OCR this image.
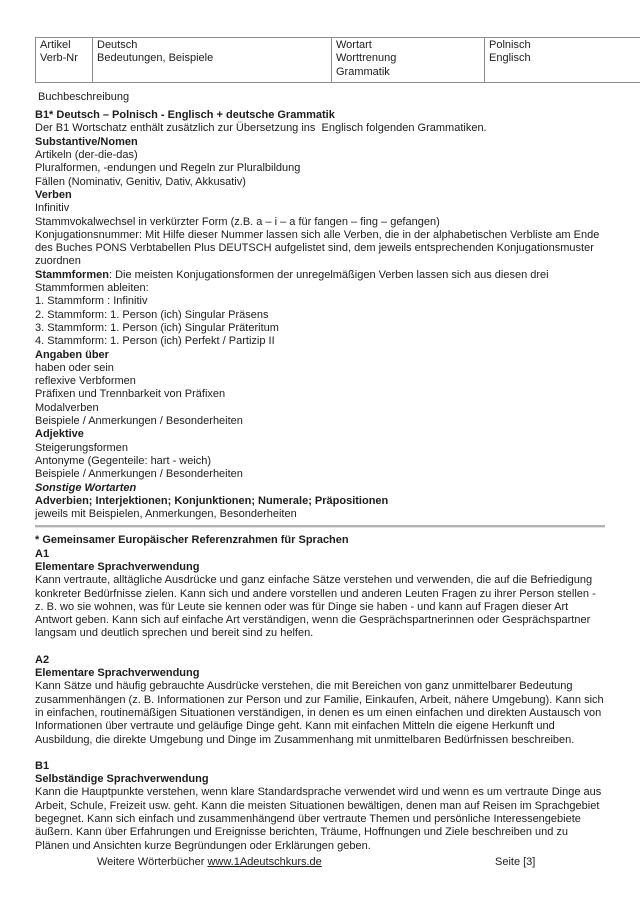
Artikel
Verb-Nr

Deutsch
Bedeutungen, Beispiele

Wortart
Worttrenung
Grammatik

Polnisch
Englisch
Buchbeschreibung
B1* Deutsch – Polnisch - Englisch + deutsche Grammatik
Der B1 Wortschatz enthält zusätzlich zur Übersetzung ins  Englisch folgenden Grammatiken.
Substantive/Nomen
Artikeln (der-die-das)
Pluralformen, -endungen und Regeln zur Pluralbildung
Fällen (Nominativ, Genitiv, Dativ, Akkusativ)
Verben
Infinitiv
Stammvokalwechsel in verkürzter Form (z.B. a – i – a für fangen – fing – gefangen)
Konjugationsnummer: Mit Hilfe dieser Nummer lassen sich alle Verben, die in der alphabetischen Verbliste am Ende des Buches PONS Verbtabellen Plus DEUTSCH aufgelistet sind, dem jeweils entsprechenden Konjugationsmuster zuordnen
Stammformen: Die meisten Konjugationsformen der unregelmäßigen Verben lassen sich aus diesen drei Stammformen ableiten:
1. Stammform : Infinitiv
2. Stammform: 1. Person (ich) Singular Präsens
3. Stammform: 1. Person (ich) Singular Präteritum
4. Stammform: 1. Person (ich) Perfekt / Partizip II
Angaben über
haben oder sein
reflexive Verbformen
Präfixen und Trennbarkeit von Präfixen
Modalverben
Beispiele / Anmerkungen / Besonderheiten
Adjektive
Steigerungsformen
Antonyme (Gegenteile: hart - weich)
Beispiele / Anmerkungen / Besonderheiten
Sonstige Wortarten
Adverbien; Interjektionen; Konjunktionen; Numerale; Präpositionen
jeweils mit Beispielen, Anmerkungen, Besonderheiten
* Gemeinsamer Europäischer Referenzrahmen für Sprachen
A1
Elementare Sprachverwendung
Kann vertraute, alltägliche Ausdrücke und ganz einfache Sätze verstehen und verwenden, die auf die Befriedigung konkreter Bedürfnisse zielen. Kann sich und andere vorstellen und anderen Leuten Fragen zu ihrer Person stellen - z. B. wo sie wohnen, was für Leute sie kennen oder was für Dinge sie haben - und kann auf Fragen dieser Art Antwort geben. Kann sich auf einfache Art verständigen, wenn die Gesprächspartnerinnen oder Gesprächspartner langsam und deutlich sprechen und bereit sind zu helfen.
A2
Elementare Sprachverwendung
Kann Sätze und häufig gebrauchte Ausdrücke verstehen, die mit Bereichen von ganz unmittelbarer Bedeutung zusammenhängen (z. B. Informationen zur Person und zur Familie, Einkaufen, Arbeit, nähere Umgebung). Kann sich in einfachen, routinemäßigen Situationen verständigen, in denen es um einen einfachen und direkten Austausch von Informationen über vertraute und geläufige Dinge geht. Kann mit einfachen Mitteln die eigene Herkunft und Ausbildung, die direkte Umgebung und Dinge im Zusammenhang mit unmittelbaren Bedürfnissen beschreiben.
B1
Selbständige Sprachverwendung
Kann die Hauptpunkte verstehen, wenn klare Standardsprache verwendet wird und wenn es um vertraute Dinge aus Arbeit, Schule, Freizeit usw. geht. Kann die meisten Situationen bewältigen, denen man auf Reisen im Sprachgebiet begegnet. Kann sich einfach und zusammenhängend über vertraute Themen und persönliche Interessengebiete äußern. Kann über Erfahrungen und Ereignisse berichten, Träume, Hoffnungen und Ziele beschreiben und zu Plänen und Ansichten kurze Begründungen oder Erklärungen geben.
Weitere Wörterbücher www.1Adeutschkurs.de	Seite [3]
